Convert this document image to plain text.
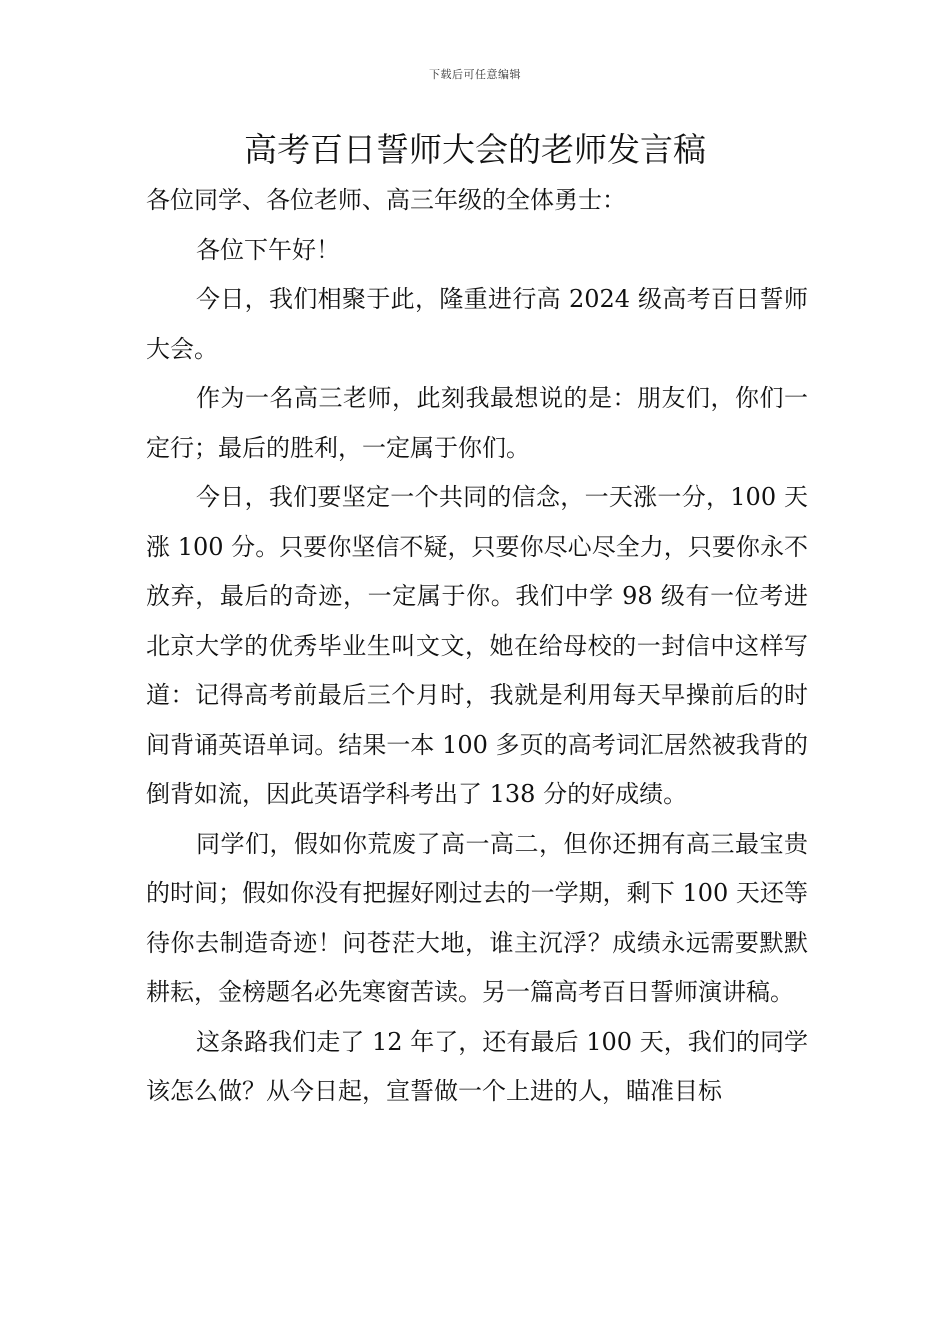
下载后可任意编辑
高考百日誓师大会的老师发言稿

各位同学、各位老师、高三年级的全体勇士：

各位下午好！

今日，我们相聚于此，隆重进行高 2024 级高考百日誓师大会。

作为一名高三老师，此刻我最想说的是：朋友们，你们一定行；最后的胜利，一定属于你们。

今日，我们要坚定一个共同的信念，一天涨一分，100 天涨 100 分。只要你坚信不疑，只要你尽心尽全力，只要你永不放弃，最后的奇迹，一定属于你。我们中学 98 级有一位考进北京大学的优秀毕业生叫文文，她在给母校的一封信中这样写道：记得高考前最后三个月时，我就是利用每天早操前后的时间背诵英语单词。结果一本 100 多页的高考词汇居然被我背的倒背如流，因此英语学科考出了 138 分的好成绩。

同学们，假如你荒废了高一高二，但你还拥有高三最宝贵的时间；假如你没有把握好刚过去的一学期，剩下 100 天还等待你去制造奇迹！问苍茫大地，谁主沉浮？成绩永远需要默默耕耘，金榜题名必先寒窗苦读。另一篇高考百日誓师演讲稿。

这条路我们走了 12 年了，还有最后 100 天，我们的同学该怎么做？从今日起，宣誓做一个上进的人，瞄准目标
